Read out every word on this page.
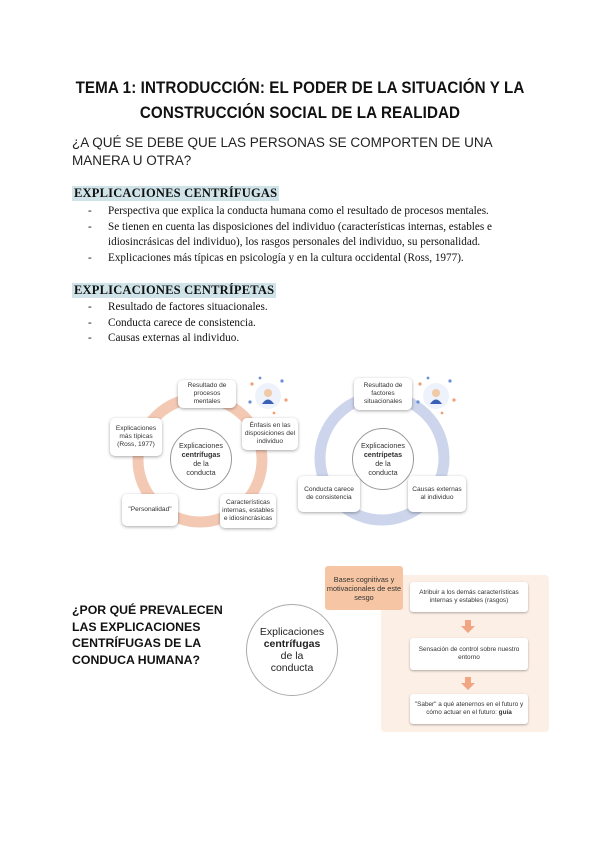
TEMA 1: INTRODUCCIÓN: EL PODER DE LA SITUACIÓN Y LA
CONSTRUCCIÓN SOCIAL DE LA REALIDAD
¿A QUÉ SE DEBE QUE LAS PERSONAS SE COMPORTEN DE UNA
MANERA U OTRA?
EXPLICACIONES CENTRÍFUGAS
- Perspectiva que explica la conducta humana como el resultado de procesos mentales.
- Se tienen en cuenta las disposiciones del individuo (características internas, estables e idiosincrásicas del individuo), los rasgos personales del individuo, su personalidad.
- Explicaciones más típicas en psicología y en la cultura occidental (Ross, 1977).
EXPLICACIONES CENTRÍPETAS
- Resultado de factores situacionales.
- Conducta carece de consistencia.
- Causas externas al individuo.
Explicaciones
centrífugas
de la
conducta
Resultado de procesos mentales
Énfasis en las disposiciones del individuo
Características internas, estables e idiosincrásicas
"Personalidad"
Explicaciones más típicas (Ross, 1977)	Explicaciones
centrípetas
de la
conducta
Resultado de factores situacionales
Conducta carece de consistencia
Causas externas al individuo
¿POR QUÉ PREVALECEN
LAS EXPLICACIONES
CENTRÍFUGAS DE LA
CONDUCA HUMANA?
Explicaciones
centrífugas
de la
conducta
Bases cognitivas y motivacionales de este sesgo	Atribuir a los demás características internas y estables (rasgos)
Sensación de control sobre nuestro entorno
"Saber" a qué atenernos en el futuro y cómo actuar en el futuro: guía
